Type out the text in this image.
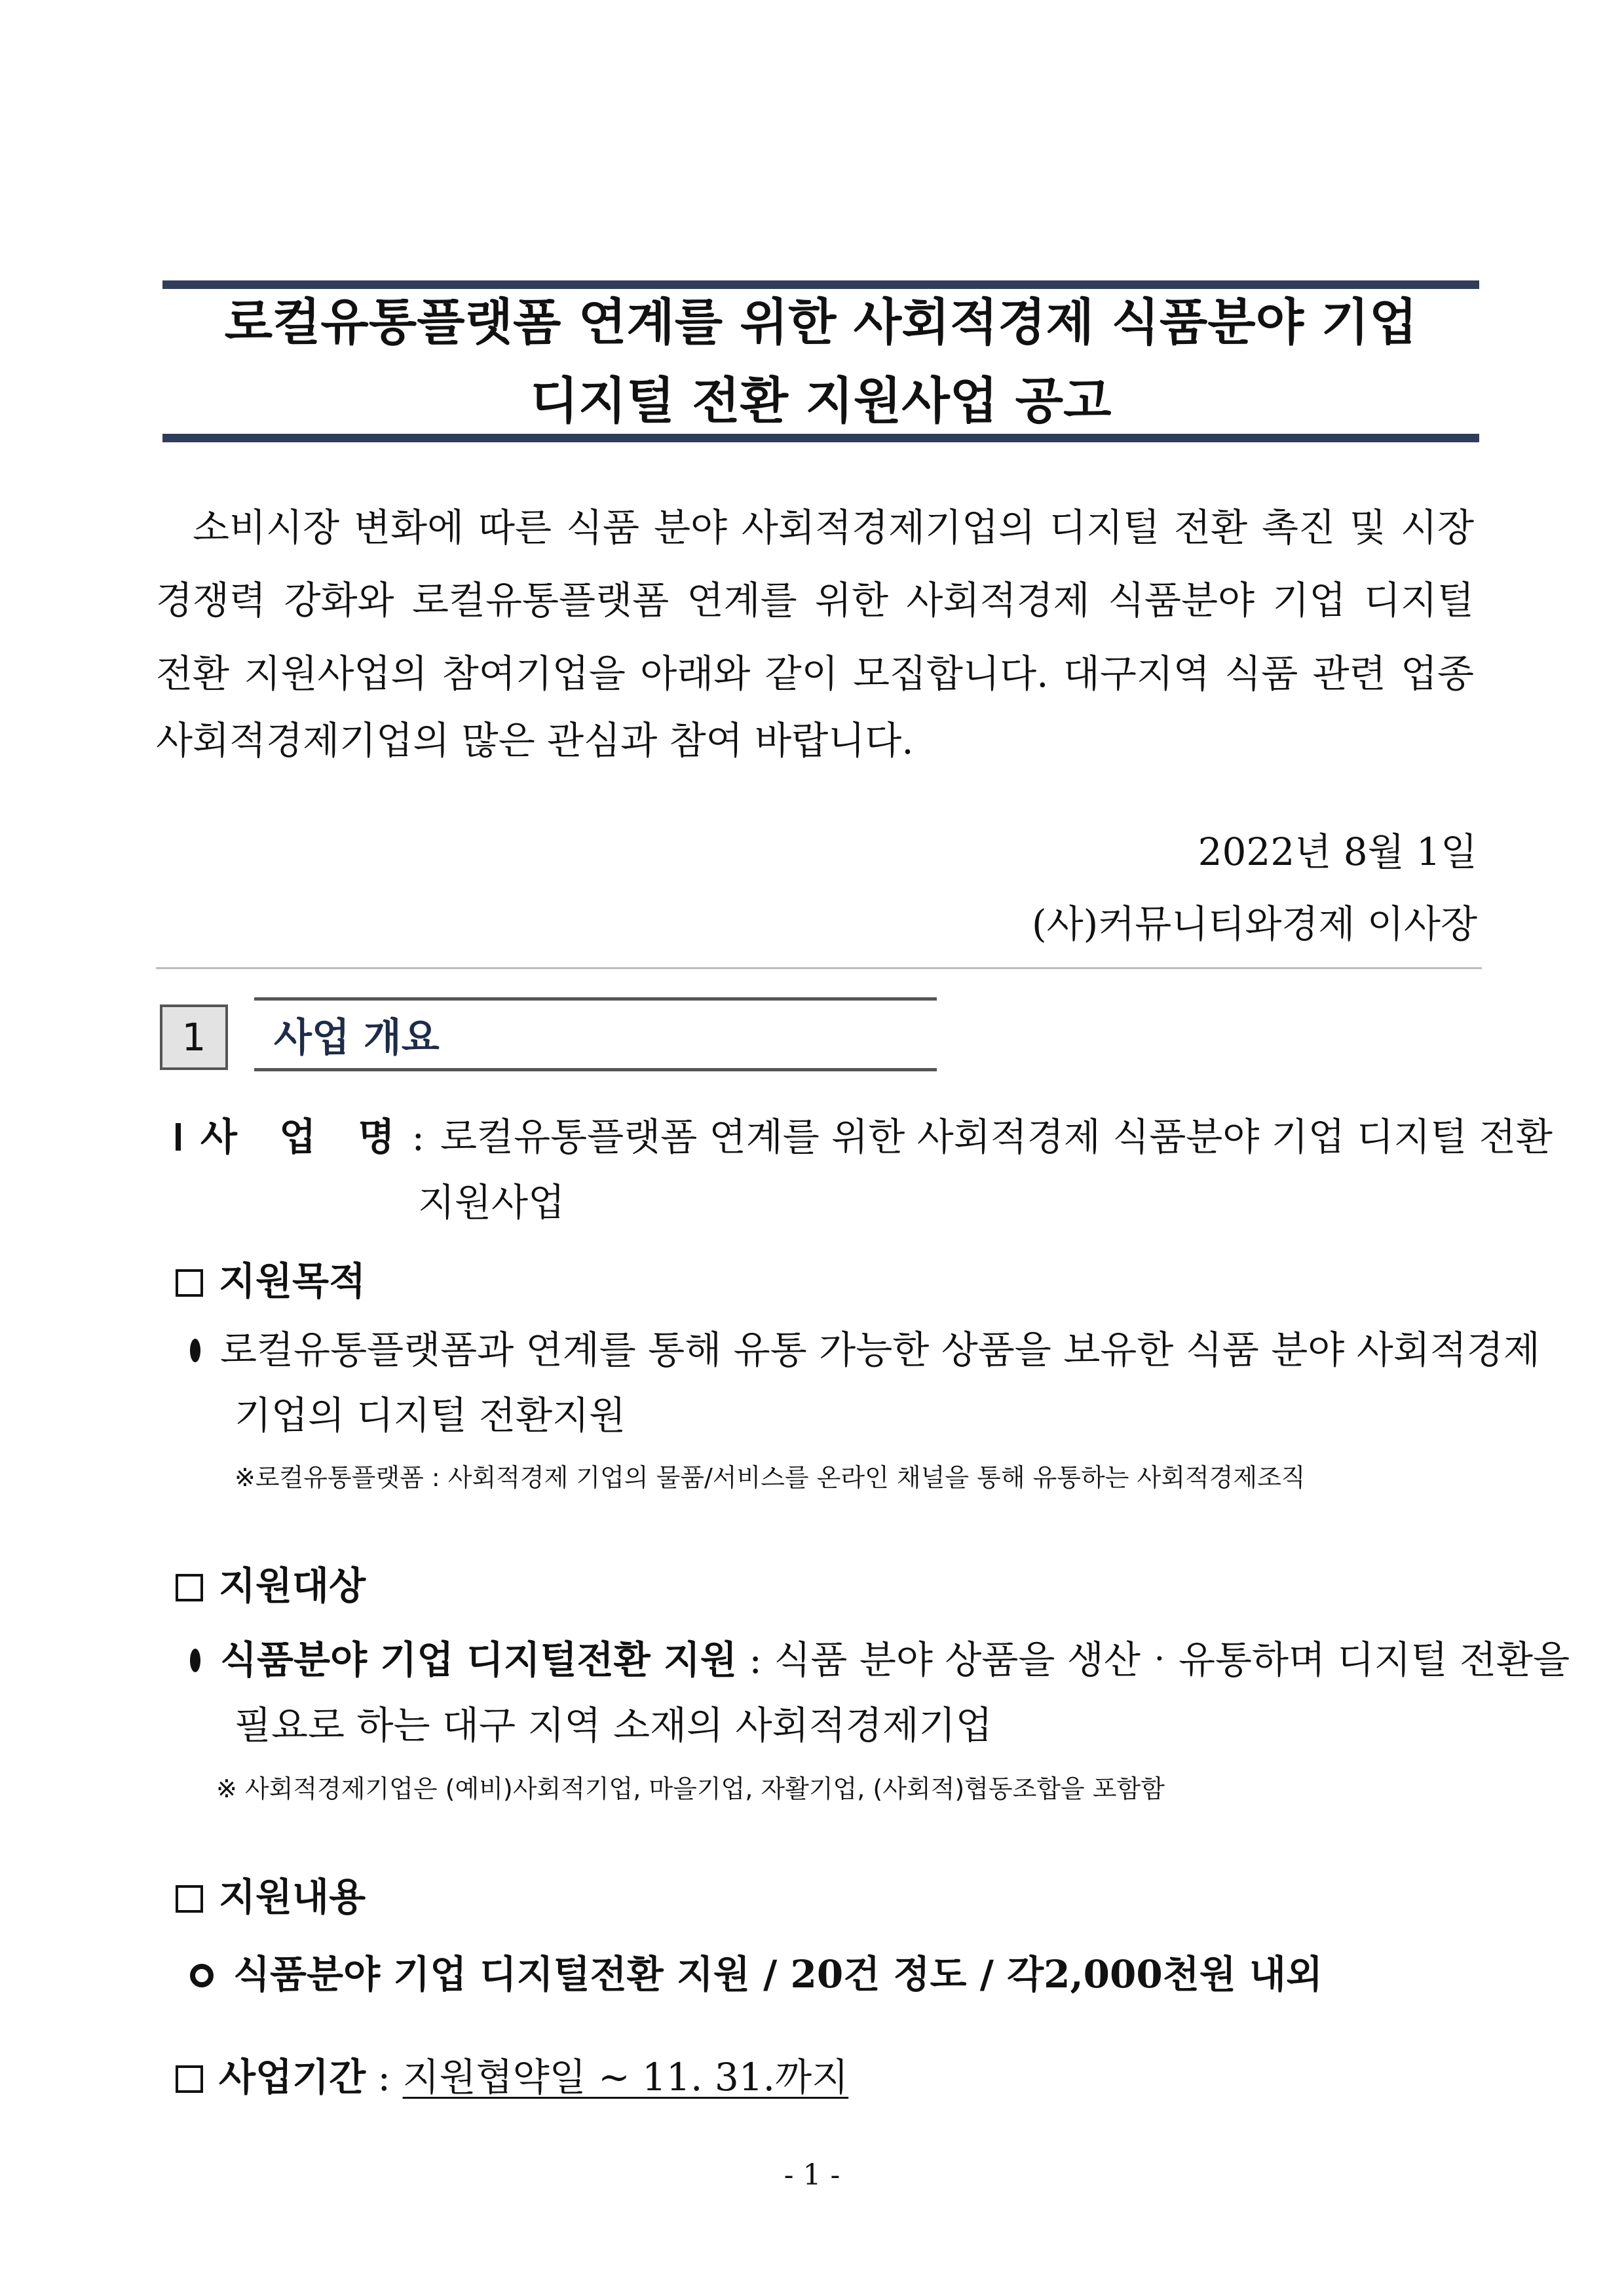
로컬유통플랫폼 연계를 위한 사회적경제 식품분야 기업
디지털 전환 지원사업 공고
소비시장 변화에 따른 식품 분야 사회적경제기업의 디지털 전환 촉진 및 시장
경쟁력 강화와 로컬유통플랫폼 연계를 위한 사회적경제 식품분야 기업 디지털
전환 지원사업의 참여기업을 아래와 같이 모집합니다. 대구지역 식품 관련 업종
사회적경제기업의 많은 관심과 참여 바랍니다.
2022년 8월 1일
(사)커뮤니티와경제 이사장
1	사업 개요
사 업 명 : 로컬유통플랫폼 연계를 위한 사회적경제 식품분야 기업 디지털 전환
지원사업
지원목적
로컬유통플랫폼과 연계를 통해 유통 가능한 상품을 보유한 식품 분야 사회적경제
기업의 디지털 전환지원
※로컬유통플랫폼 : 사회적경제 기업의 물품/서비스를 온라인 채널을 통해 유통하는 사회적경제조직
지원대상
식품분야 기업 디지털전환 지원 : 식품 분야 상품을 생산‧유통하며 디지털 전환을
필요로 하는 대구 지역 소재의 사회적경제기업
※ 사회적경제기업은 (예비)사회적기업, 마을기업, 자활기업, (사회적)협동조합을 포함함
지원내용
식품분야 기업 디지털전환 지원 / 20건 정도 / 각2,000천원 내외
사업기간 : 지원협약일 ~ 11. 31.까지
- 1 -
